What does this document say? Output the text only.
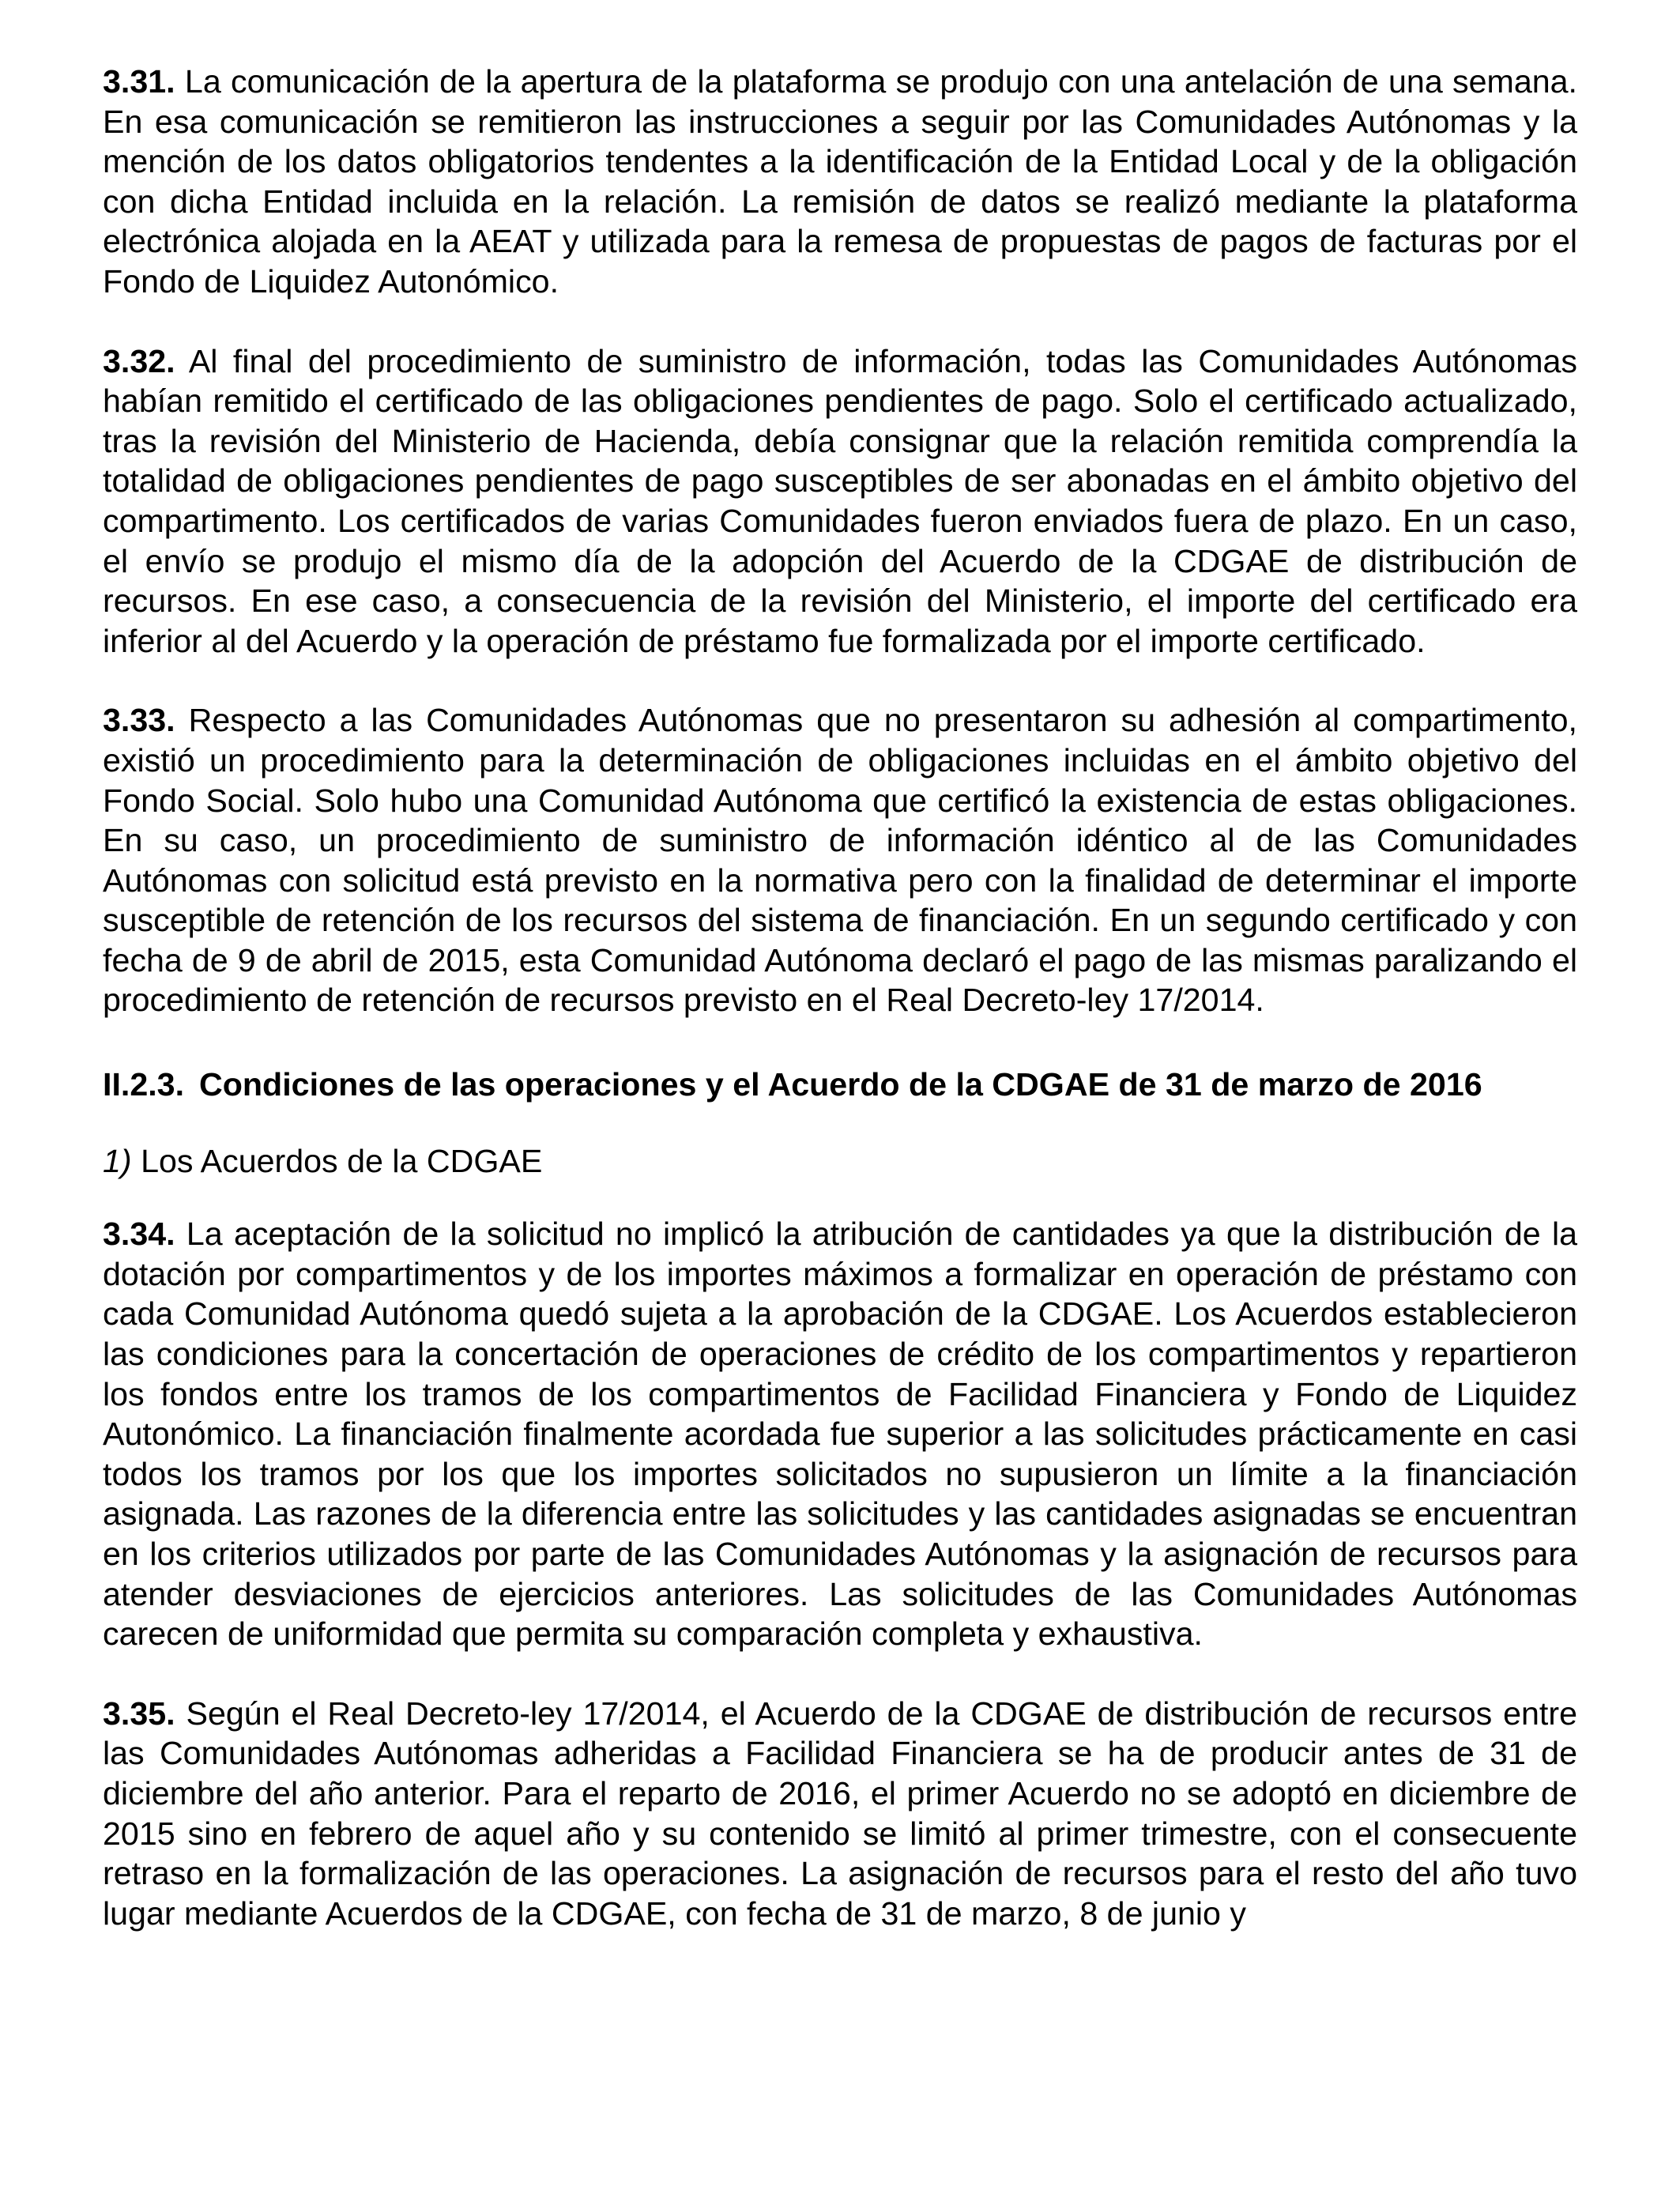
3.31. La comunicación de la apertura de la plataforma se produjo con una antelación de una semana. En esa comunicación se remitieron las instrucciones a seguir por las Comunidades Autónomas y la mención de los datos obligatorios tendentes a la identificación de la Entidad Local y de la obligación con dicha Entidad incluida en la relación. La remisión de datos se realizó mediante la plataforma electrónica alojada en la AEAT y utilizada para la remesa de propuestas de pagos de facturas por el Fondo de Liquidez Autonómico.

3.32. Al final del procedimiento de suministro de información, todas las Comunidades Autónomas habían remitido el certificado de las obligaciones pendientes de pago. Solo el certificado actualizado, tras la revisión del Ministerio de Hacienda, debía consignar que la relación remitida comprendía la totalidad de obligaciones pendientes de pago susceptibles de ser abonadas en el ámbito objetivo del compartimento. Los certificados de varias Comunidades fueron enviados fuera de plazo. En un caso, el envío se produjo el mismo día de la adopción del Acuerdo de la CDGAE de distribución de recursos. En ese caso, a consecuencia de la revisión del Ministerio, el importe del certificado era inferior al del Acuerdo y la operación de préstamo fue formalizada por el importe certificado.

3.33. Respecto a las Comunidades Autónomas que no presentaron su adhesión al compartimento, existió un procedimiento para la determinación de obligaciones incluidas en el ámbito objetivo del Fondo Social. Solo hubo una Comunidad Autónoma que certificó la existencia de estas obligaciones. En su caso, un procedimiento de suministro de información idéntico al de las Comunidades Autónomas con solicitud está previsto en la normativa pero con la finalidad de determinar el importe susceptible de retención de los recursos del sistema de financiación. En un segundo certificado y con fecha de 9 de abril de 2015, esta Comunidad Autónoma declaró el pago de las mismas paralizando el procedimiento de retención de recursos previsto en el Real Decreto-ley 17/2014.

II.2.3. Condiciones de las operaciones y el Acuerdo de la CDGAE de 31 de marzo de 2016

1) Los Acuerdos de la CDGAE

3.34. La aceptación de la solicitud no implicó la atribución de cantidades ya que la distribución de la dotación por compartimentos y de los importes máximos a formalizar en operación de préstamo con cada Comunidad Autónoma quedó sujeta a la aprobación de la CDGAE. Los Acuerdos establecieron las condiciones para la concertación de operaciones de crédito de los compartimentos y repartieron los fondos entre los tramos de los compartimentos de Facilidad Financiera y Fondo de Liquidez Autonómico. La financiación finalmente acordada fue superior a las solicitudes prácticamente en casi todos los tramos por los que los importes solicitados no supusieron un límite a la financiación asignada. Las razones de la diferencia entre las solicitudes y las cantidades asignadas se encuentran en los criterios utilizados por parte de las Comunidades Autónomas y la asignación de recursos para atender desviaciones de ejercicios anteriores. Las solicitudes de las Comunidades Autónomas carecen de uniformidad que permita su comparación completa y exhaustiva.

3.35. Según el Real Decreto-ley 17/2014, el Acuerdo de la CDGAE de distribución de recursos entre las Comunidades Autónomas adheridas a Facilidad Financiera se ha de producir antes de 31 de diciembre del año anterior. Para el reparto de 2016, el primer Acuerdo no se adoptó en diciembre de 2015 sino en febrero de aquel año y su contenido se limitó al primer trimestre, con el consecuente retraso en la formalización de las operaciones. La asignación de recursos para el resto del año tuvo lugar mediante Acuerdos de la CDGAE, con fecha de 31 de marzo, 8 de junio y
